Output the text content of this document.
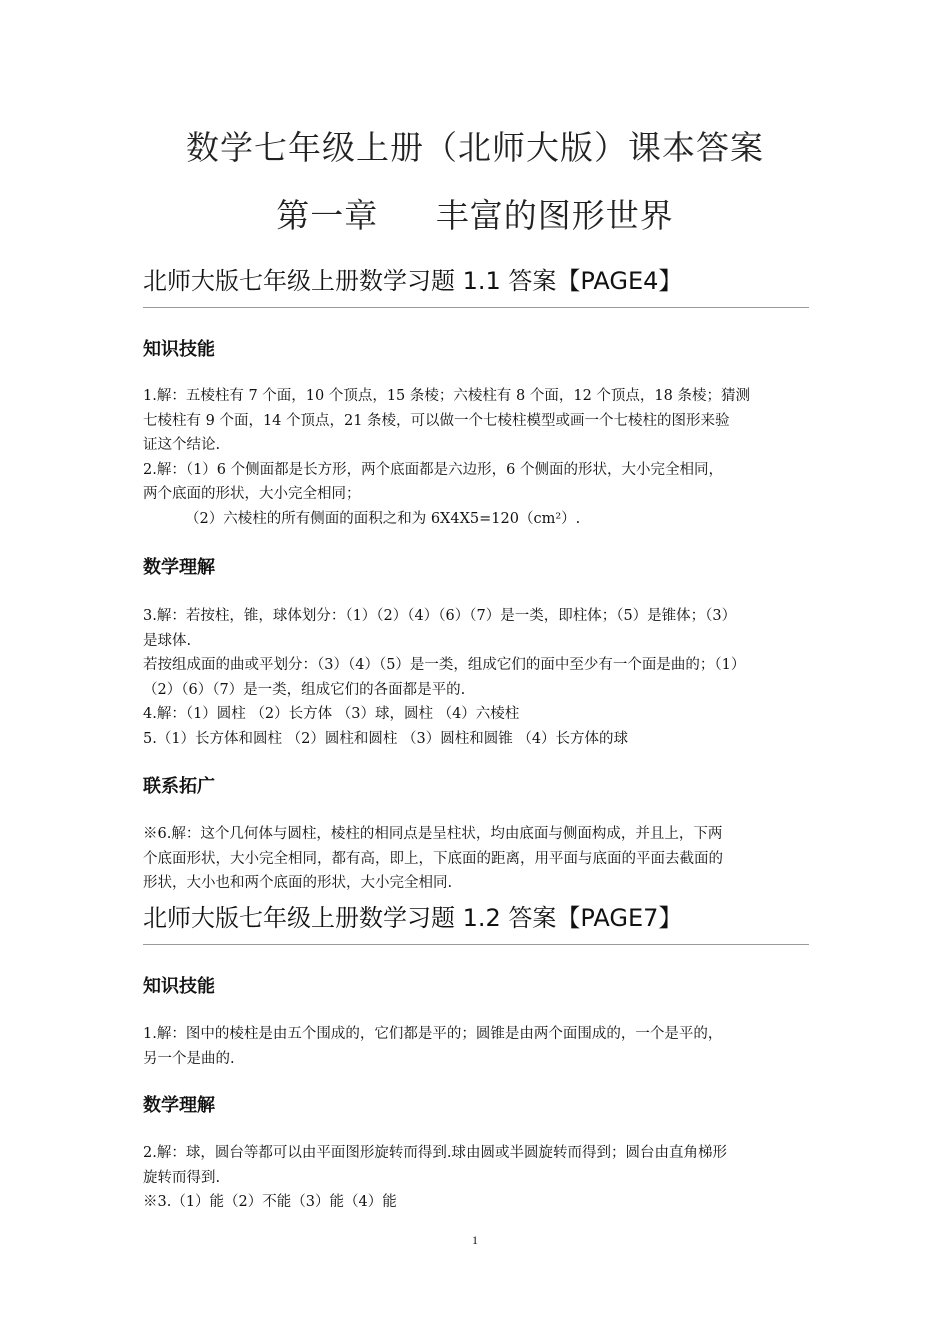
数学七年级上册（北师大版）课本答案
第一章     丰富的图形世界
北师大版七年级上册数学习题 1.1 答案【PAGE4】
知识技能
1.解：五棱柱有 7 个面，10 个顶点，15 条棱；六棱柱有 8 个面，12 个顶点，18 条棱；猜测
七棱柱有 9 个面，14 个顶点，21 条棱，可以做一个七棱柱模型或画一个七棱柱的图形来验
证这个结论.
2.解：（1）6 个侧面都是长方形，两个底面都是六边形，6 个侧面的形状，大小完全相同，
两个底面的形状，大小完全相同；
（2）六棱柱的所有侧面的面积之和为 6X4X5=120（cm²）.
数学理解
3.解：若按柱，锥，球体划分：（1）（2）（4）（6）（7）是一类，即柱体；（5）是锥体；（3）
是球体.
若按组成面的曲或平划分：（3）（4）（5）是一类，组成它们的面中至少有一个面是曲的；（1）
（2）（6）（7）是一类，组成它们的各面都是平的.
4.解：（1）圆柱 （2）长方体 （3）球，圆柱 （4）六棱柱
5.（1）长方体和圆柱 （2）圆柱和圆柱 （3）圆柱和圆锥 （4）长方体的球
联系拓广
※6.解：这个几何体与圆柱，棱柱的相同点是呈柱状，均由底面与侧面构成，并且上，下两
个底面形状，大小完全相同，都有高，即上，下底面的距离，用平面与底面的平面去截面的
形状，大小也和两个底面的形状，大小完全相同.
北师大版七年级上册数学习题 1.2 答案【PAGE7】
知识技能
1.解：图中的棱柱是由五个围成的，它们都是平的；圆锥是由两个面围成的，一个是平的，
另一个是曲的.
数学理解
2.解：球，圆台等都可以由平面图形旋转而得到.球由圆或半圆旋转而得到；圆台由直角梯形
旋转而得到.
※3.（1）能（2）不能（3）能（4）能
1
